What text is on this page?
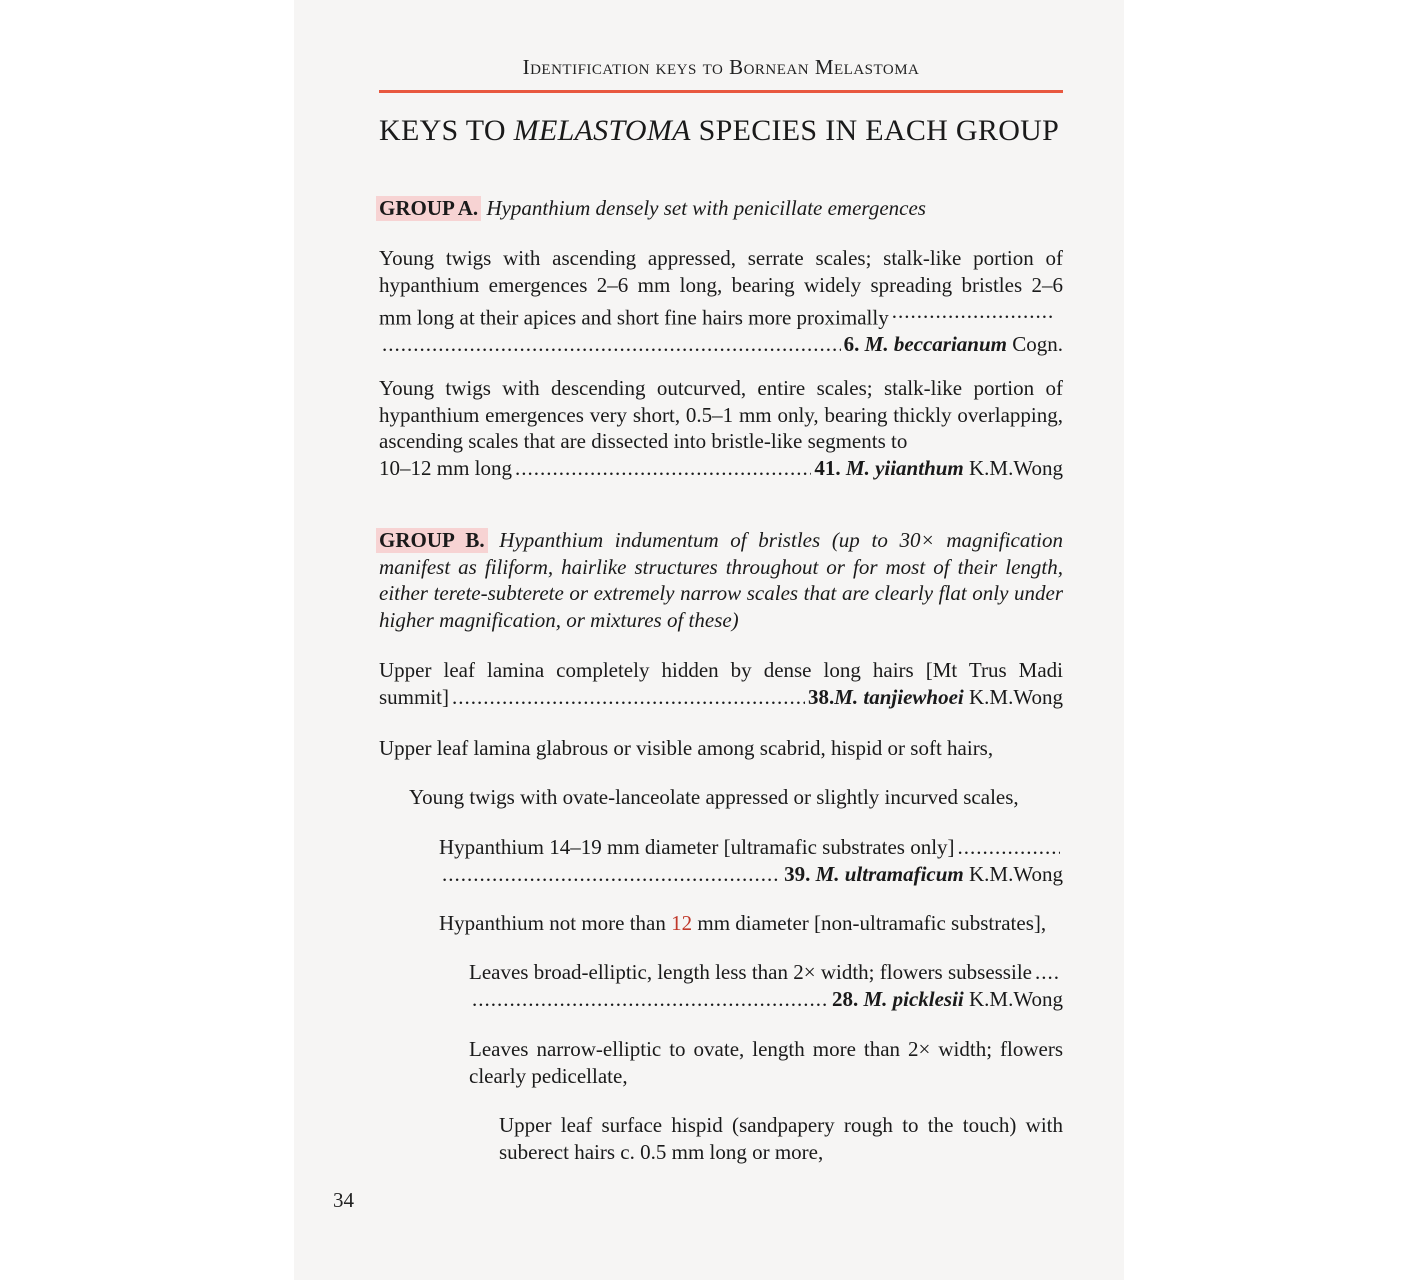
Identification keys to Bornean Melastoma
KEYS TO MELASTOMA SPECIES IN EACH GROUP
GROUP A. Hypanthium densely set with penicillate emergences
Young twigs with ascending appressed, serrate scales; stalk-like portion of hypanthium emergences 2–6 mm long, bearing widely spreading bristles 2–6 mm long at their apices and short fine hairs more proximally.....
.....
6. M. beccarianum Cogn.
Young twigs with descending outcurved, entire scales; stalk-like portion of hypanthium emergences very short, 0.5–1 mm only, bearing thickly overlapping, ascending scales that are dissected into bristle-like segments to
10–12 mm long .....	41. M. yiianthum K.M.Wong
GROUP B. Hypanthium indumentum of bristles (up to 30× magnification manifest as filiform, hairlike structures throughout or for most of their length, either terete-subterete or extremely narrow scales that are clearly flat only under higher magnification, or mixtures of these)
Upper leaf lamina completely hidden by dense long hairs [Mt Trus Madi
summit] .....	38.M. tanjiewhoei K.M.Wong
Upper leaf lamina glabrous or visible among scabrid, hispid or soft hairs,
Young twigs with ovate-lanceolate appressed or slightly incurved scales,
Hypanthium 14–19 mm diameter [ultramafic substrates only]
.....
.....
39. M. ultramaficum K.M.Wong
Hypanthium not more than 12 mm diameter [non-ultramafic substrates],
Leaves broad-elliptic, length less than 2× width; flowers subsessile
.....
.....
28. M. picklesii K.M.Wong
Leaves narrow-elliptic to ovate, length more than 2× width; flowers clearly pedicellate,
Upper leaf surface hispid (sandpapery rough to the touch) with suberect hairs c. 0.5 mm long or more,
34
